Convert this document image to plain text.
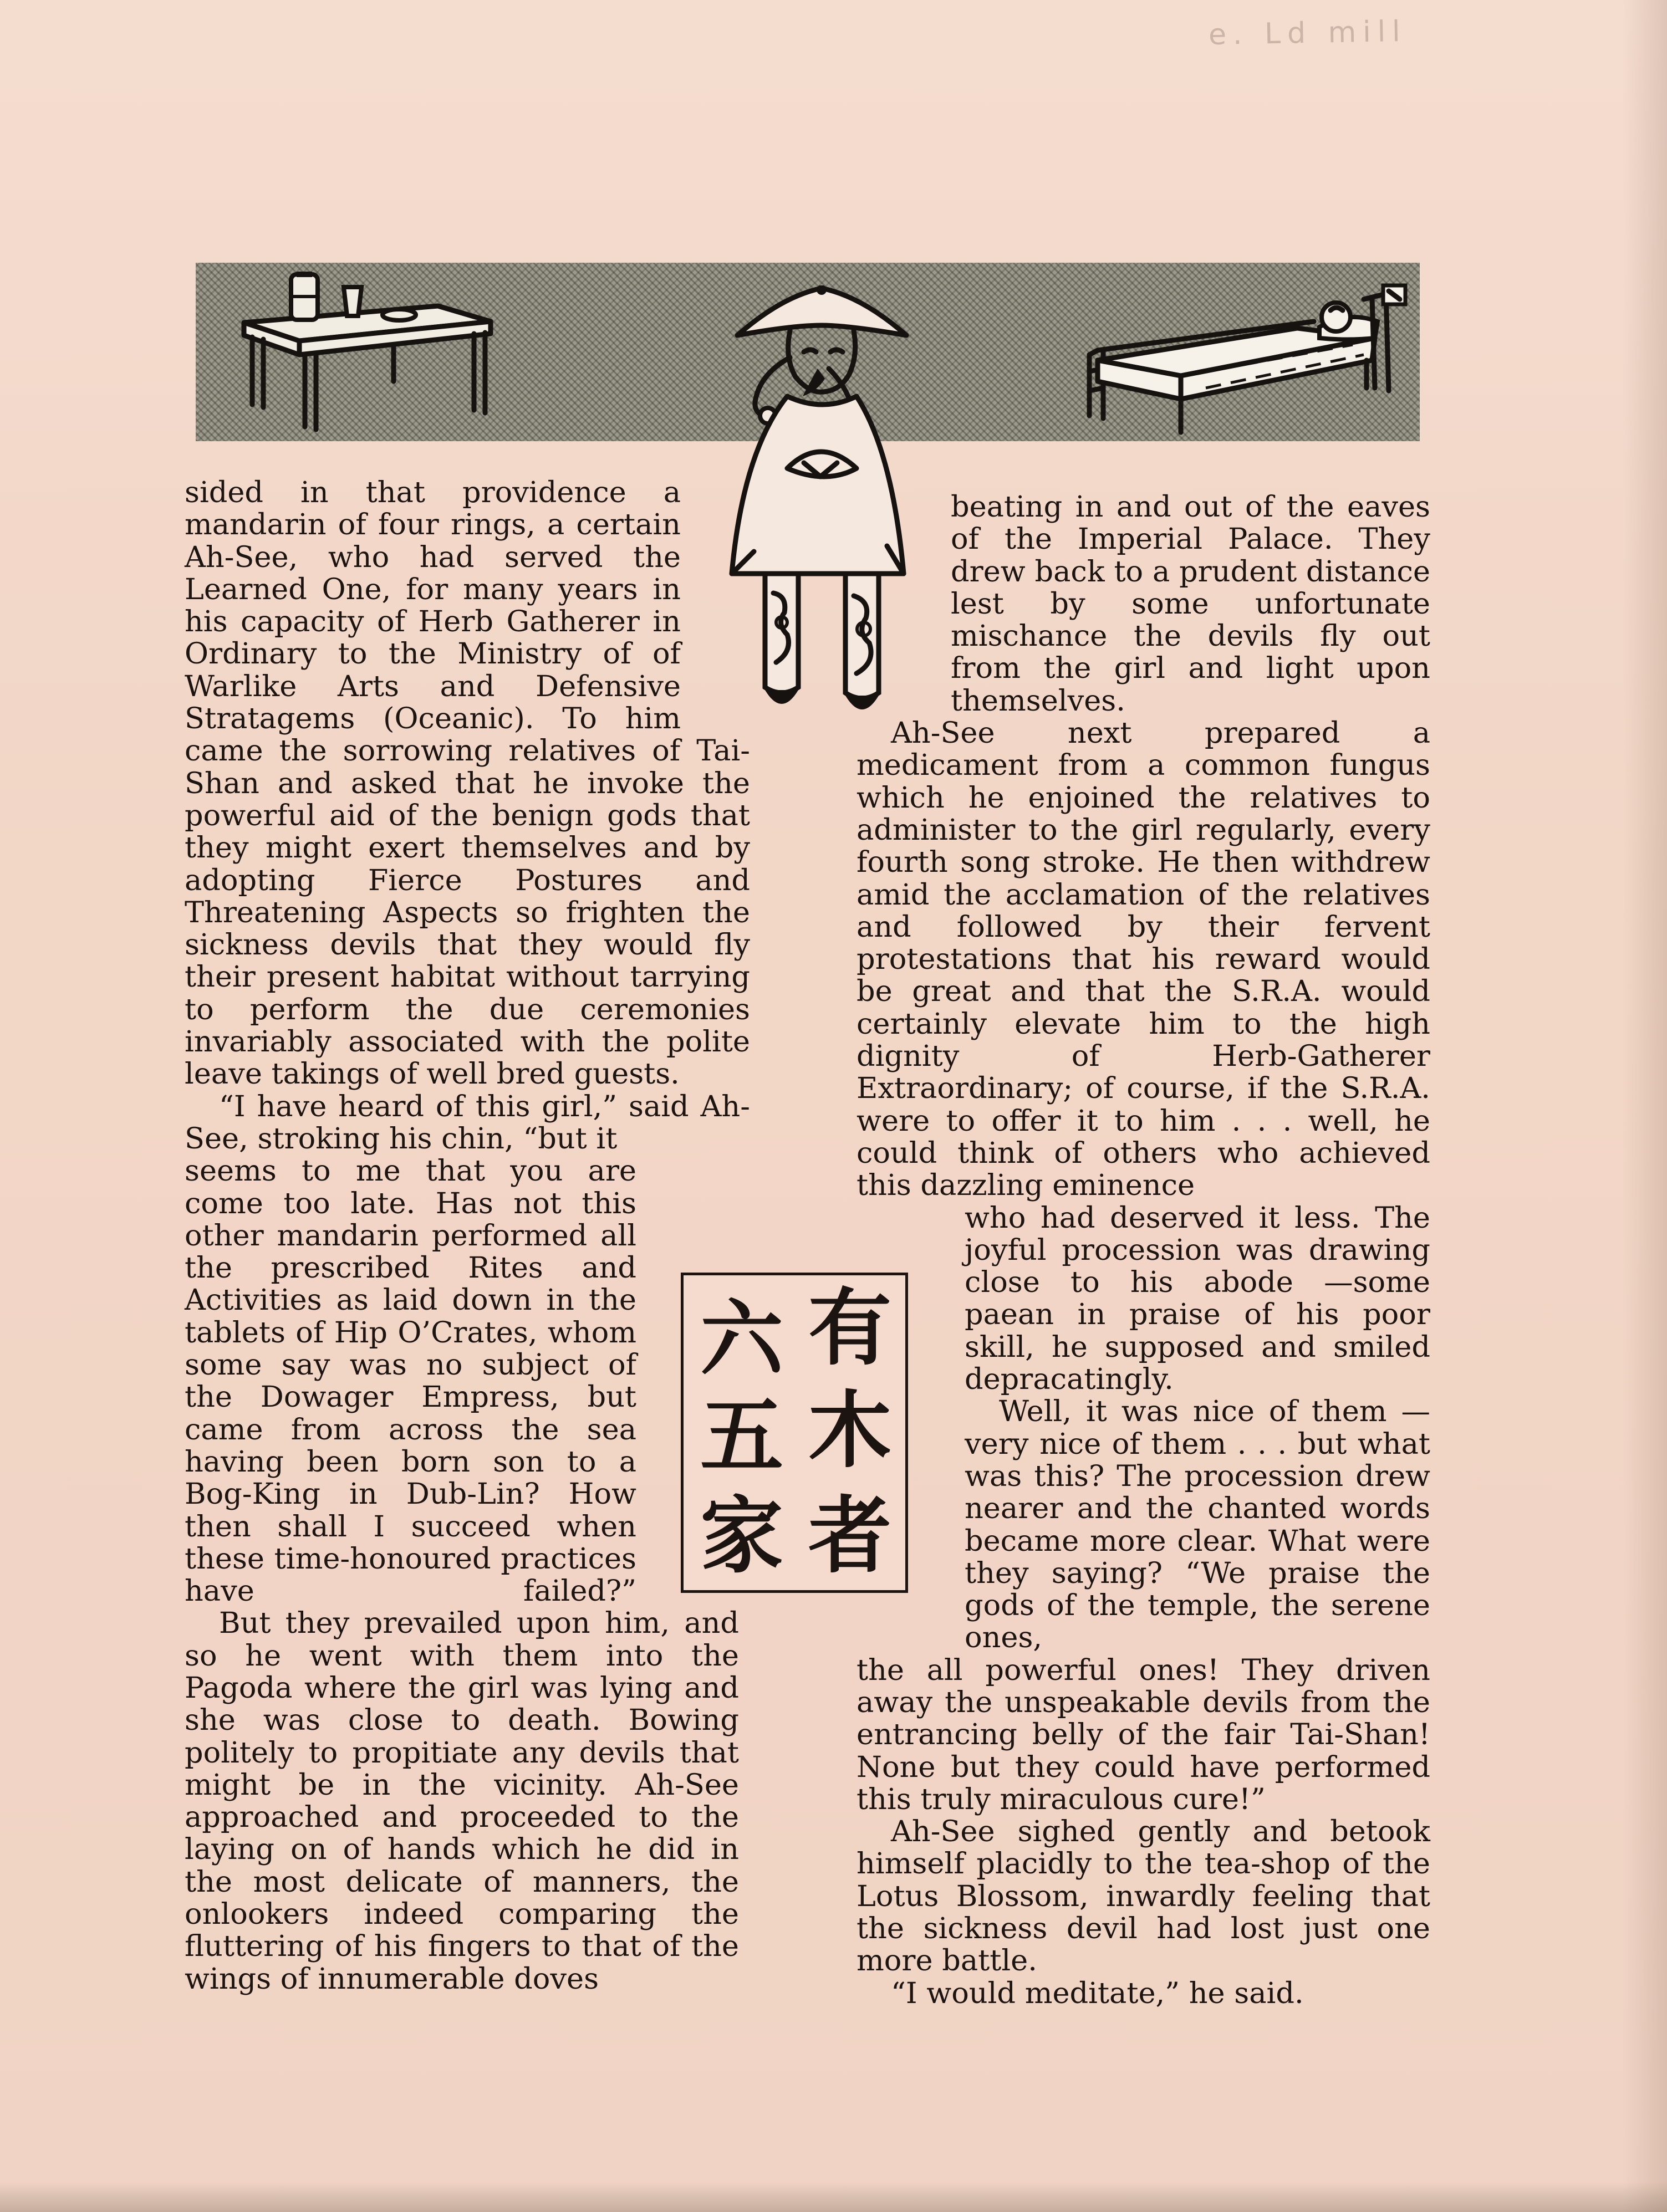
e. Ld mill

sided in that providence a mandarin of four rings, a certain Ah-See, who had served the Learned One, for many years in his capacity of Herb Gatherer in Ordinary to the Ministry of of Warlike Arts and Defensive Stratagems (Oceanic). To him

came the sorrowing relatives of Tai-Shan and asked that he invoke the powerful aid of the benign gods that they might exert themselves and by adopting Fierce Postures and Threatening Aspects so frighten the sickness devils that they would fly their present habitat without tarrying to perform the due ceremonies invariably associated with the polite leave takings of well bred guests.

“I have heard of this girl,” said Ah-See, stroking his chin, “but it

seems to me that you are come too late. Has not this other mandarin performed all the prescribed Rites and Activities as laid down in the tablets of Hip O’Crates, whom some say was no subject of the Dowager Empress, but came from across the sea having been born son to a Bog-King in Dub-Lin? How then shall I succeed when these time-honoured practices have failed?”

But they prevailed upon him, and so he went with them into the Pagoda where the girl was lying and she was close to death. Bowing politely to propitiate any devils that might be in the vicinity. Ah-See approached and proceeded to the laying on of hands which he did in the most delicate of manners, the onlookers indeed comparing the fluttering of his fingers to that of the wings of innumerable doves

beating in and out of the eaves of the Imperial Palace. They drew back to a prudent distance lest by some unfortunate mischance the devils fly out from the girl and light upon themselves.

Ah-See next prepared a medicament from a common fungus which he enjoined the relatives to administer to the girl regularly, every fourth song stroke. He then withdrew amid the acclamation of the relatives and followed by their fervent protestations that his reward would be great and that the S.R.A. would certainly elevate him to the high dignity of Herb-Gatherer Extraordinary; of course, if the S.R.A. were to offer it to him . . . well, he could think of others who achieved this dazzling eminence

who had deserved it less. The joyful procession was drawing close to his abode —some paean in praise of his poor skill, he supposed and smiled depracatingly.

Well, it was nice of them —very nice of them . . . but what was this? The procession drew nearer and the chanted words became more clear. What were they saying? “We praise the gods of the temple, the serene ones,

the all powerful ones! They driven away the unspeakable devils from the entrancing belly of the fair Tai-Shan! None but they could have performed this truly miraculous cure!”

Ah-See sighed gently and betook himself placidly to the tea-shop of the Lotus Blossom, inwardly feeling that the sickness devil had lost just one more battle.

“I would meditate,” he said.

有
木
者
六
五
家
